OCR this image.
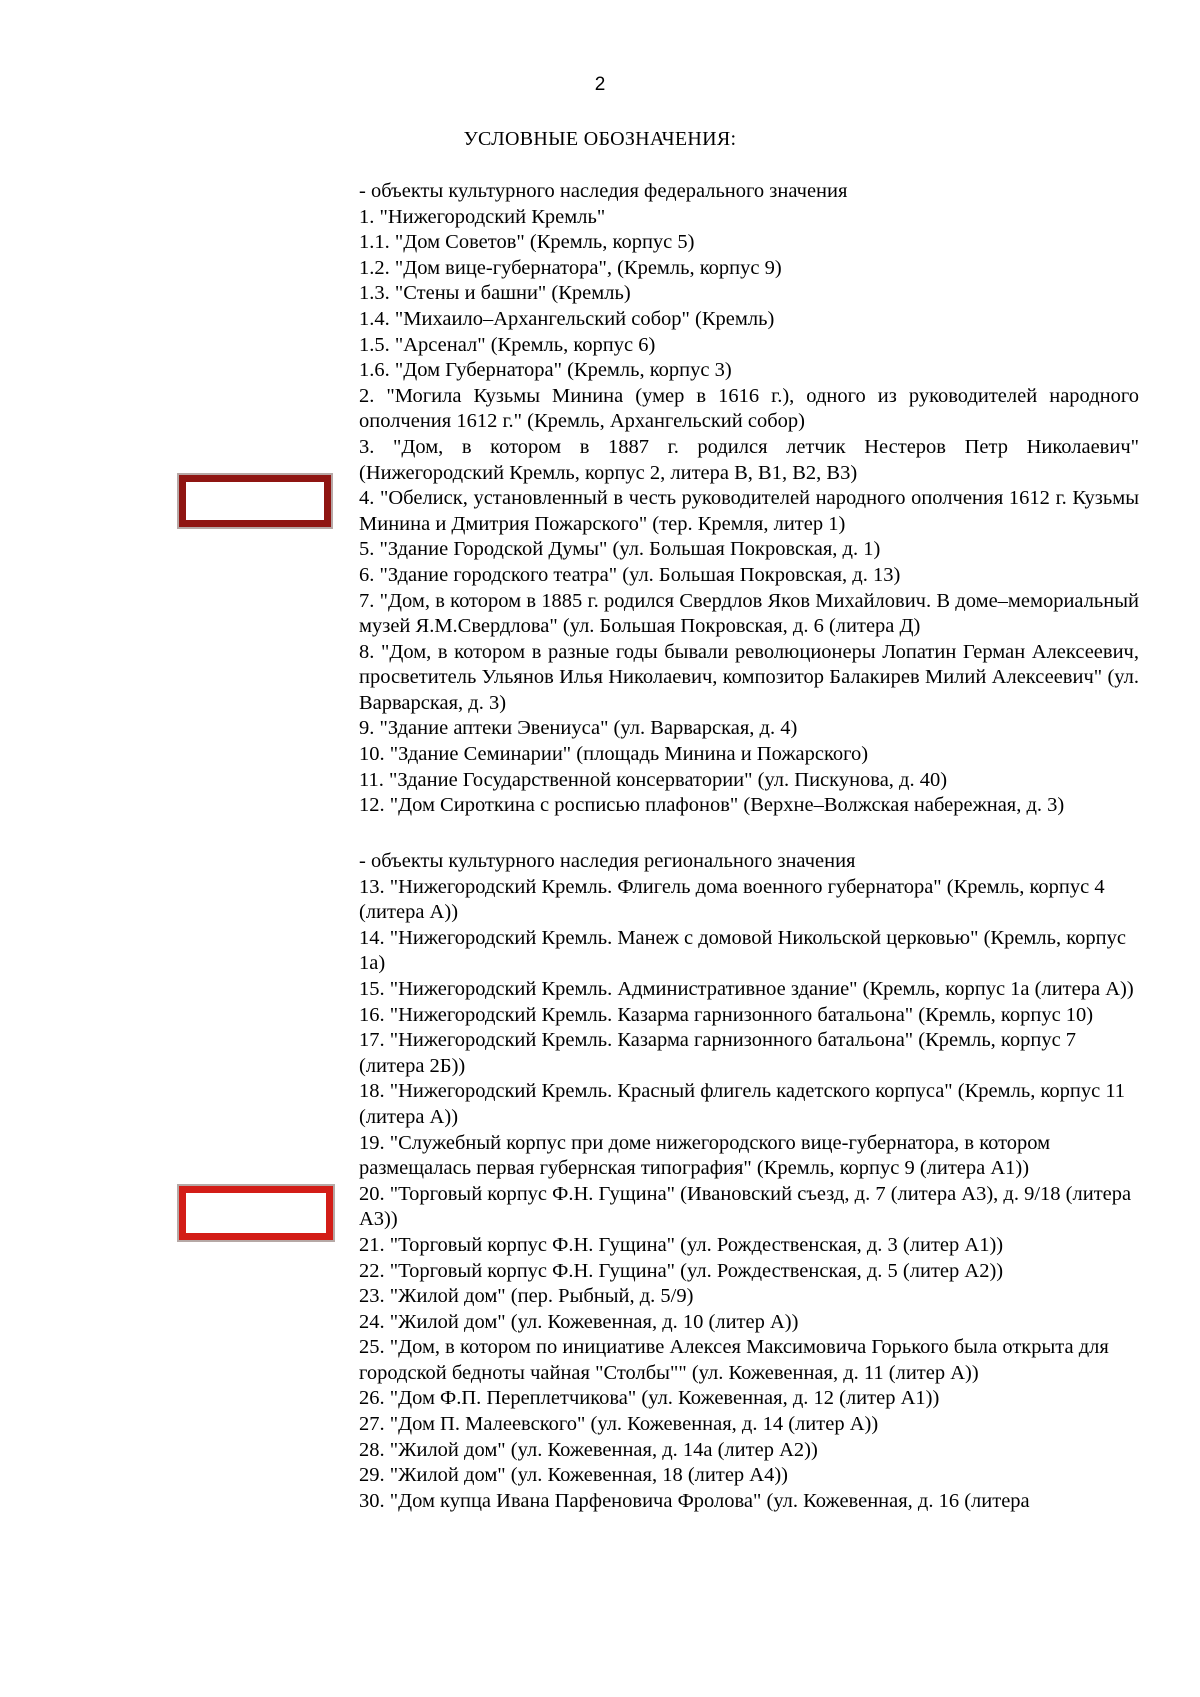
2
УСЛОВНЫЕ ОБОЗНАЧЕНИЯ:
- объекты культурного наследия федерального значения
1. "Нижегородский Кремль"
1.1. "Дом Советов" (Кремль, корпус 5)
1.2. "Дом вице-губернатора", (Кремль, корпус 9)
1.3. "Стены и башни" (Кремль)
1.4. "Михаило–Архангельский собор" (Кремль)
1.5. "Арсенал" (Кремль, корпус 6)
1.6. "Дом Губернатора" (Кремль, корпус 3)
2. "Могила Кузьмы Минина (умер в 1616 г.), одного из руководителей народного ополчения 1612 г." (Кремль, Архангельский собор)
3. "Дом, в котором в 1887 г. родился летчик Нестеров Петр Николаевич" (Нижегородский Кремль, корпус 2, литера В, В1, В2, В3)
4. "Обелиск, установленный в честь руководителей народного ополчения 1612 г. Кузьмы Минина и Дмитрия Пожарского" (тер. Кремля, литер 1)
5. "Здание Городской Думы" (ул. Большая Покровская, д. 1)
6. "Здание городского театра" (ул. Большая Покровская, д. 13)
7. "Дом, в котором в 1885 г. родился Свердлов Яков Михайлович. В доме–мемориальный музей Я.М.Свердлова" (ул. Большая Покровская, д. 6 (литера Д)
8. "Дом, в котором в разные годы бывали революционеры Лопатин Герман Алексеевич, просветитель Ульянов Илья Николаевич, композитор Балакирев Милий Алексеевич" (ул. Варварская, д. 3)
9. "Здание аптеки Эвениуса" (ул. Варварская, д. 4)
10. "Здание Семинарии" (площадь Минина и Пожарского)
11. "Здание Государственной консерватории" (ул. Пискунова, д. 40)
12. "Дом Сироткина с росписью плафонов" (Верхне–Волжская набережная, д. 3)
- объекты культурного наследия регионального значения
13. "Нижегородский Кремль. Флигель дома военного губернатора" (Кремль, корпус 4 (литера А))
14. "Нижегородский Кремль. Манеж с домовой Никольской церковью" (Кремль, корпус 1а)
15. "Нижегородский Кремль. Административное здание" (Кремль, корпус 1а (литера А))
16. "Нижегородский Кремль. Казарма гарнизонного батальона" (Кремль, корпус 10)
17. "Нижегородский Кремль. Казарма гарнизонного батальона" (Кремль, корпус 7 (литера 2Б))
18. "Нижегородский Кремль. Красный флигель кадетского корпуса" (Кремль, корпус 11 (литера А))
19. "Служебный корпус при доме нижегородского вице-губернатора, в котором размещалась первая губернская типография" (Кремль, корпус 9 (литера А1))
20. "Торговый корпус Ф.Н. Гущина" (Ивановский съезд, д. 7 (литера А3), д. 9/18 (литера А3))
21. "Торговый корпус Ф.Н. Гущина" (ул. Рождественская, д. 3 (литер А1))
22. "Торговый корпус Ф.Н. Гущина" (ул. Рождественская, д. 5 (литер А2))
23. "Жилой дом" (пер. Рыбный, д. 5/9)
24. "Жилой дом" (ул. Кожевенная, д. 10 (литер А))
25. "Дом, в котором по инициативе Алексея Максимовича Горького была открыта для городской бедноты чайная "Столбы"" (ул. Кожевенная, д. 11 (литер А))
26. "Дом Ф.П. Переплетчикова" (ул. Кожевенная, д. 12 (литер А1))
27. "Дом П. Малеевского" (ул. Кожевенная, д. 14 (литер А))
28. "Жилой дом" (ул. Кожевенная, д. 14а (литер А2))
29. "Жилой дом" (ул. Кожевенная, 18 (литер А4))
30. "Дом купца Ивана Парфеновича Фролова" (ул. Кожевенная, д. 16 (литера
